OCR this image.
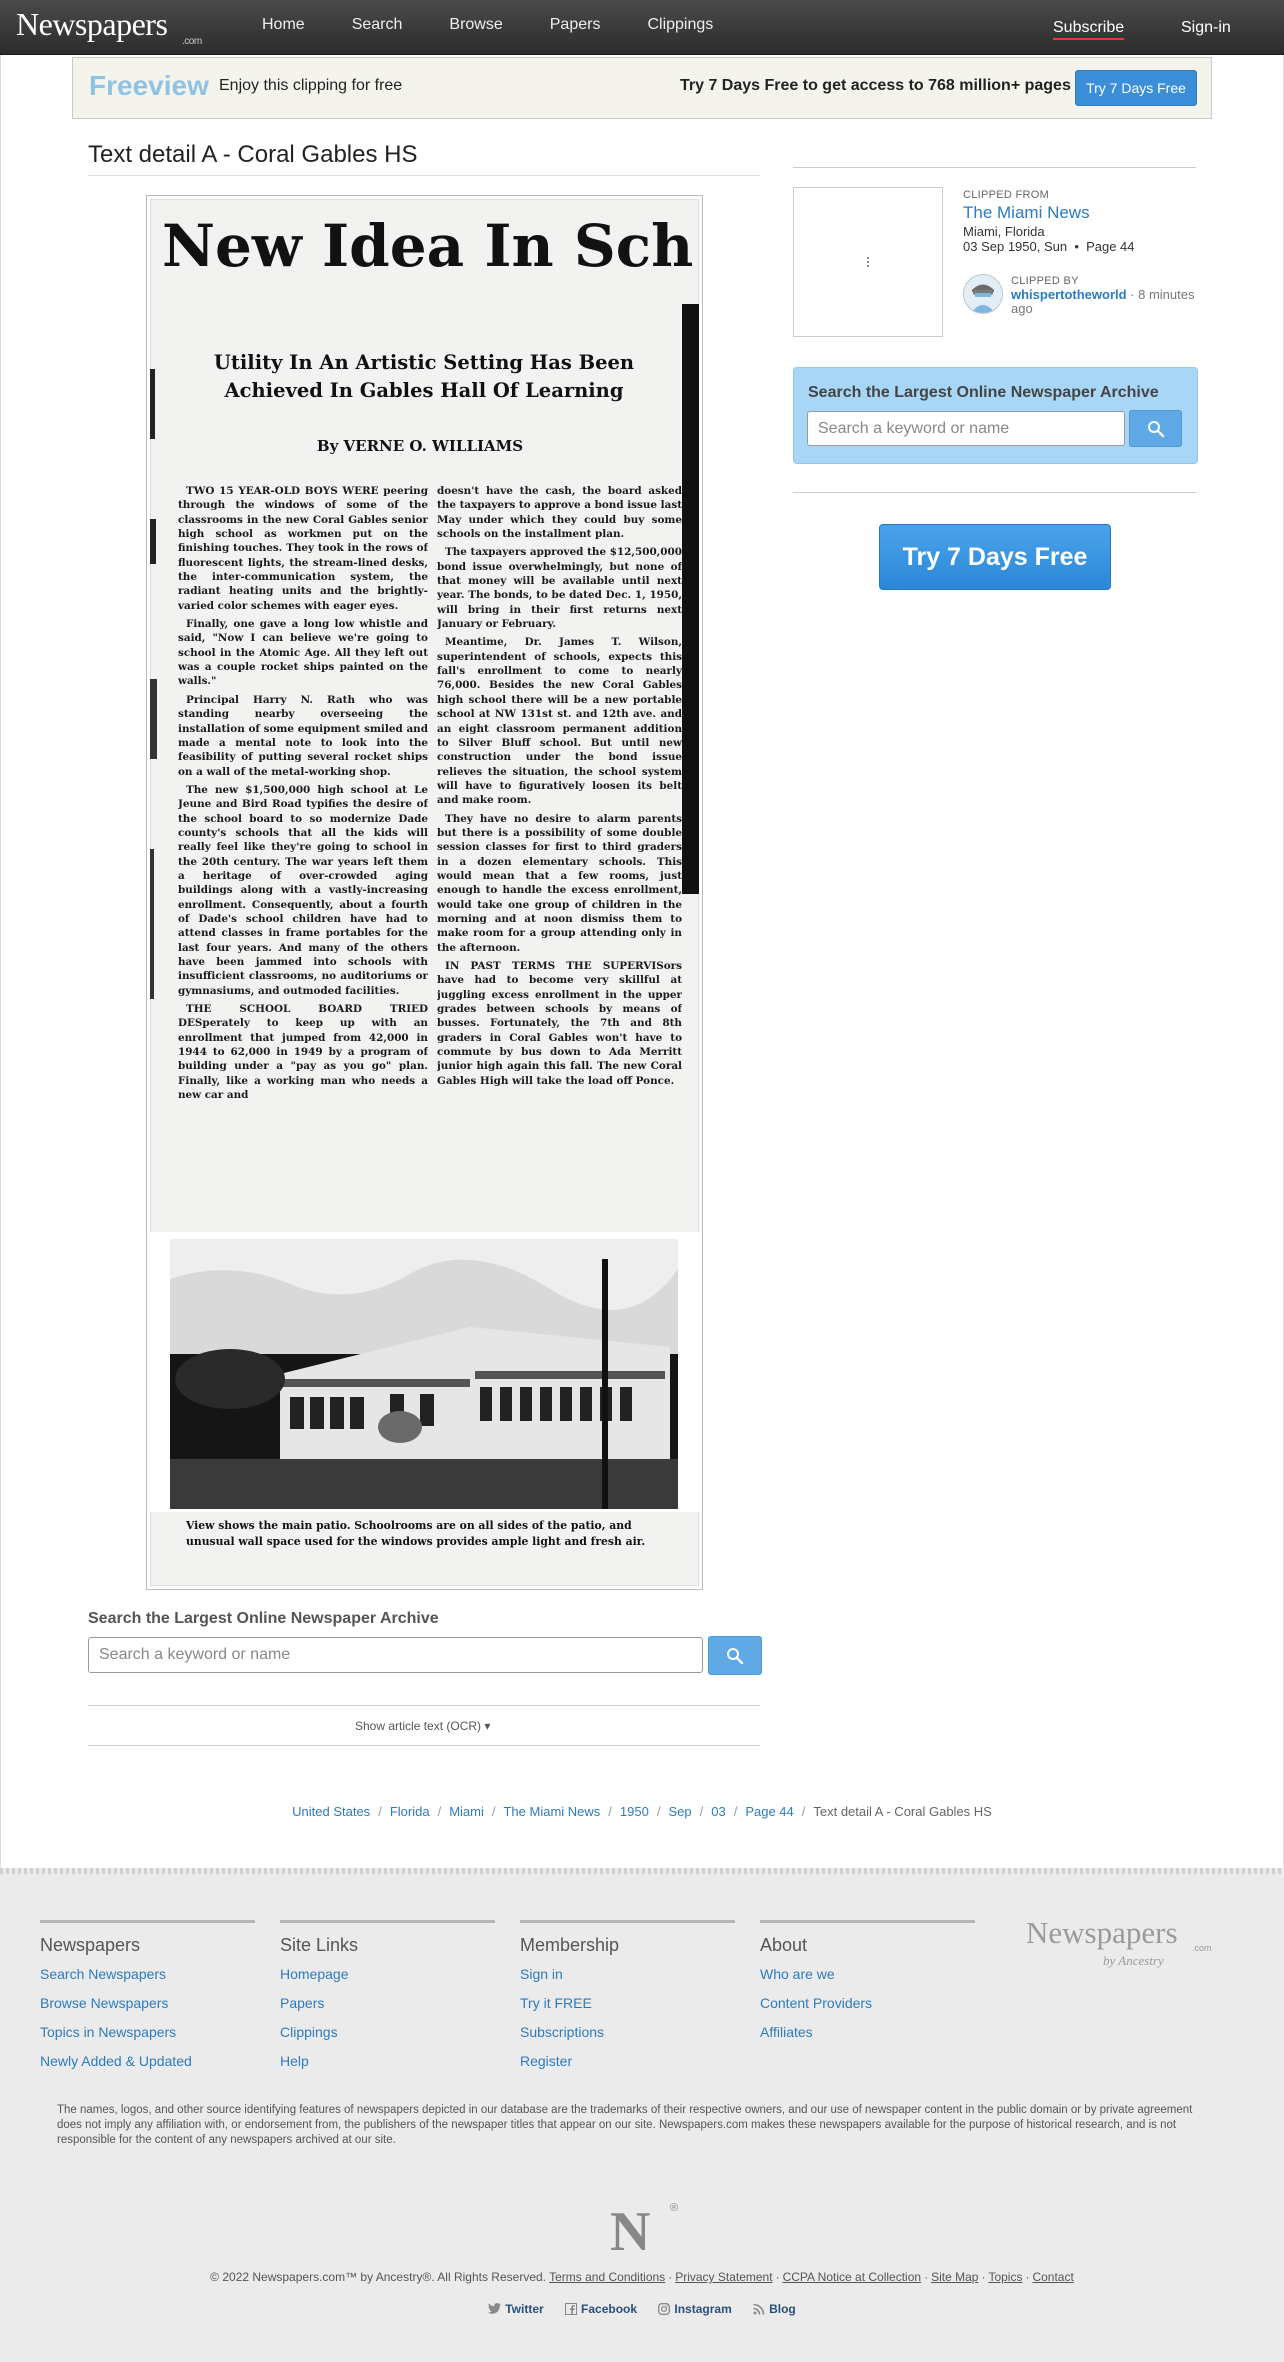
Newspapers .com
Home	Search	Browse	Papers	Clippings	Subscribe	Sign-in
Freeview Enjoy this clipping for free	Try 7 Days Free to get access to 768 million+ pages	Try 7 Days Free
Text detail A - Coral Gables HS
New Idea In Sch
Utility In An Artistic Setting Has Been
Achieved In Gables Hall Of Learning
By VERNE O. WILLIAMS

TWO 15 YEAR-OLD BOYS WERE peering through the windows of some of the classrooms in the new Coral Gables senior high school as workmen put on the finishing touches. They took in the rows of fluorescent lights, the stream-lined desks, the inter-communication system, the radiant heating units and the brightly-varied color schemes with eager eyes.

Finally, one gave a long low whistle and said, "Now I can believe we're going to school in the Atomic Age. All they left out was a couple rocket ships painted on the walls."

Principal Harry N. Rath who was standing nearby overseeing the installation of some equipment smiled and made a mental note to look into the feasibility of putting several rocket ships on a wall of the metal-working shop.

The new $1,500,000 high school at Le Jeune and Bird Road typifies the desire of the school board to so modernize Dade county's schools that all the kids will really feel like they're going to school in the 20th century. The war years left them a heritage of over-crowded aging buildings along with a vastly-increasing enrollment. Consequently, about a fourth of Dade's school children have had to attend classes in frame portables for the last four years. And many of the others have been jammed into schools with insufficient classrooms, no auditoriums or gymnasiums, and outmoded facilities.

THE SCHOOL BOARD TRIED DESperately to keep up with an enrollment that jumped from 42,000 in 1944 to 62,000 in 1949 by a program of building under a "pay as you go" plan. Finally, like a working man who needs a new car and

doesn't have the cash, the board asked the taxpayers to approve a bond issue last May under which they could buy some schools on the installment plan.

The taxpayers approved the $12,500,000 bond issue overwhelmingly, but none of that money will be available until next year. The bonds, to be dated Dec. 1, 1950, will bring in their first returns next January or February.

Meantime, Dr. James T. Wilson, superintendent of schools, expects this fall's enrollment to come to nearly 76,000. Besides the new Coral Gables high school there will be a new portable school at NW 131st st. and 12th ave. and an eight classroom permanent addition to Silver Bluff school. But until new construction under the bond issue relieves the situation, the school system will have to figuratively loosen its belt and make room.

They have no desire to alarm parents but there is a possibility of some double session classes for first to third graders in a dozen elementary schools. This would mean that a few rooms, just enough to handle the excess enrollment, would take one group of children in the morning and at noon dismiss them to make room for a group attending only in the afternoon.

IN PAST TERMS THE SUPERVISors have had to become very skillful at juggling excess enrollment in the upper grades between schools by means of busses. Fortunately, the 7th and 8th graders in Coral Gables won't have to commute by bus down to Ada Merritt junior high again this fall. The new Coral Gables High will take the load off Ponce.

View shows the main patio. Schoolrooms are on all sides of the patio, and
unusual wall space used for the windows provides ample light and fresh air.
Search the Largest Online Newspaper Archive
Search a keyword or name
Show article text (OCR) ▾
United States / Florida / Miami / The Miami News / 1950 / Sep / 03 / Page 44 / Text detail A - Coral Gables HS
CLIPPED FROM
The Miami News
Miami, Florida
03 Sep 1950, Sun  •  Page 44
CLIPPED BY
whispertotheworld · 8 minutes ago
Search the Largest Online Newspaper Archive
Search a keyword or name
Try 7 Days Free
Newspapers
Search Newspapers
Browse Newspapers
Topics in Newspapers
Newly Added & Updated
Site Links
Homepage
Papers
Clippings
Help
Membership
Sign in
Try it FREE
Subscriptions
Register
About
Who are we
Content Providers
Affiliates
Newspapers .com
by Ancestry
The names, logos, and other source identifying features of newspapers depicted in our database are the trademarks of their respective owners, and our use of newspaper content in the public domain or by private agreement does not imply any affiliation with, or endorsement from, the publishers of the newspaper titles that appear on our site. Newspapers.com makes these newspapers available for the purpose of historical research, and is not responsible for the content of any newspapers archived at our site.
N ®
© 2022 Newspapers.com™ by Ancestry®. All Rights Reserved. Terms and Conditions · Privacy Statement · CCPA Notice at Collection · Site Map · Topics · Contact
Twitter	Facebook	Instagram	Blog
